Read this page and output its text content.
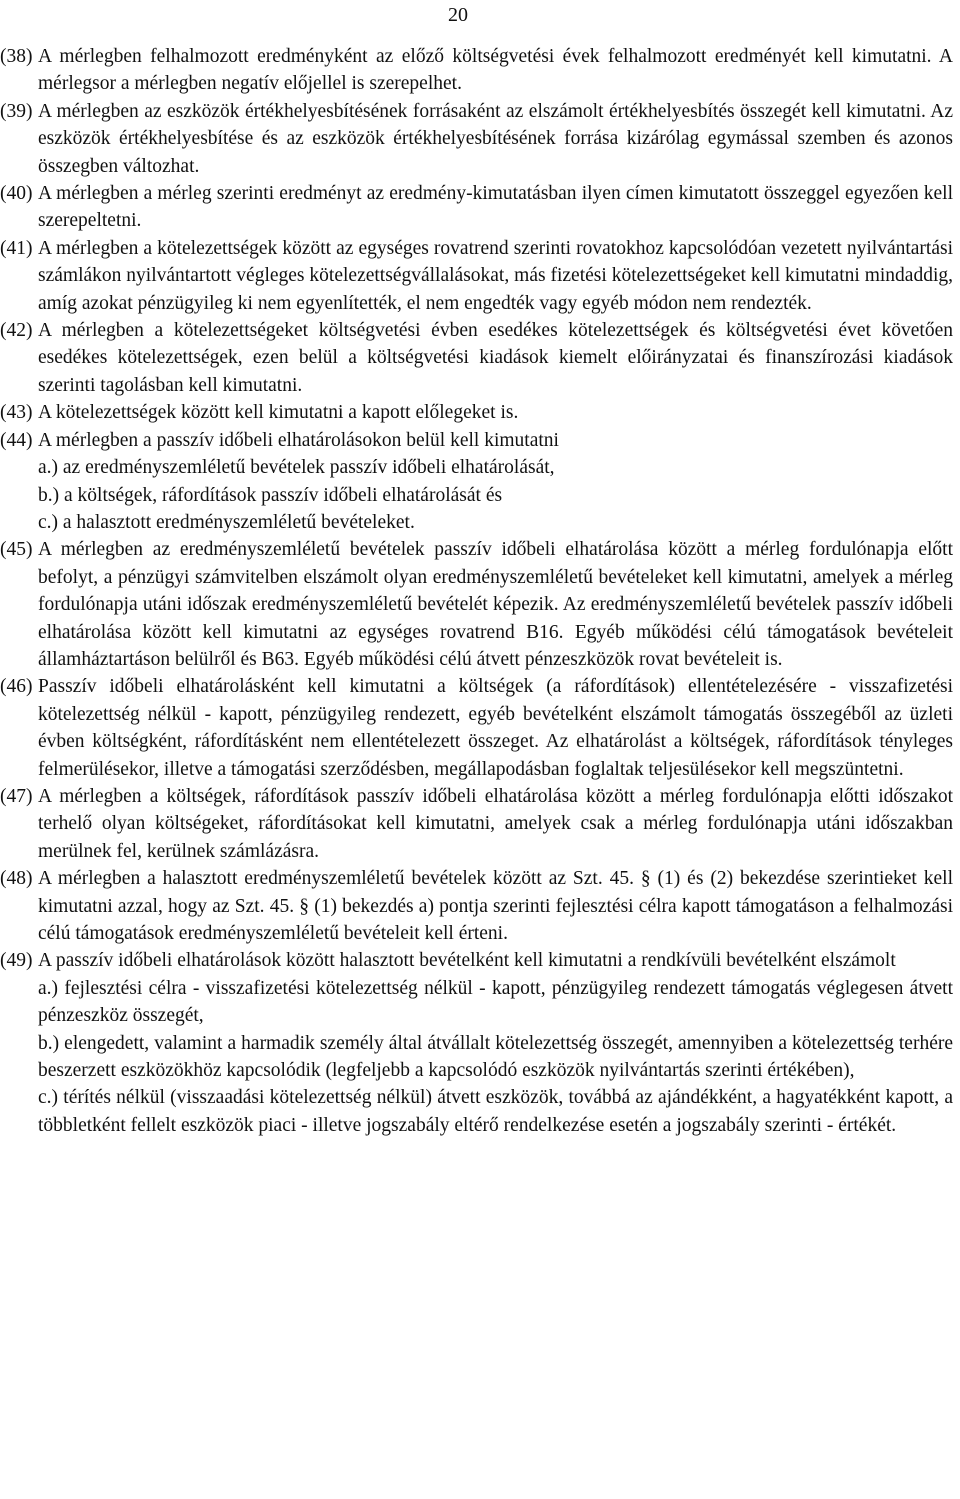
20
(38) A mérlegben felhalmozott eredményként az előző költségvetési évek felhalmozott eredményét kell kimutatni. A mérlegsor a mérlegben negatív előjellel is szerepelhet.

(39) A mérlegben az eszközök értékhelyesbítésének forrásaként az elszámolt értékhelyesbítés összegét kell kimutatni. Az eszközök értékhelyesbítése és az eszközök értékhelyesbítésének forrása kizárólag egymással szemben és azonos összegben változhat.

(40) A mérlegben a mérleg szerinti eredményt az eredmény-kimutatásban ilyen címen kimutatott összeggel egyezően kell szerepeltetni.

(41) A mérlegben a kötelezettségek között az egységes rovatrend szerinti rovatokhoz kapcsolódóan vezetett nyilvántartási számlákon nyilvántartott végleges kötelezettségvállalásokat, más fizetési kötelezettségeket kell kimutatni mindaddig, amíg azokat pénzügyileg ki nem egyenlítették, el nem engedték vagy egyéb módon nem rendezték.

(42) A mérlegben a kötelezettségeket költségvetési évben esedékes kötelezettségek és költségvetési évet követően esedékes kötelezettségek, ezen belül a költségvetési kiadások kiemelt előirányzatai és finanszírozási kiadások szerinti tagolásban kell kimutatni.

(43) A kötelezettségek között kell kimutatni a kapott előlegeket is.

(44) A mérlegben a passzív időbeli elhatárolásokon belül kell kimutatni

a.) az eredményszemléletű bevételek passzív időbeli elhatárolását,

b.) a költségek, ráfordítások passzív időbeli elhatárolását és

c.) a halasztott eredményszemléletű bevételeket.

(45) A mérlegben az eredményszemléletű bevételek passzív időbeli elhatárolása között a mérleg fordulónapja előtt befolyt, a pénzügyi számvitelben elszámolt olyan eredményszemléletű bevételeket kell kimutatni, amelyek a mérleg fordulónapja utáni időszak eredményszemléletű bevételét képezik. Az eredményszemléletű bevételek passzív időbeli elhatárolása között kell kimutatni az egységes rovatrend B16. Egyéb működési célú támogatások bevételeit államháztartáson belülről és B63. Egyéb működési célú átvett pénzeszközök rovat bevételeit is.

(46) Passzív időbeli elhatárolásként kell kimutatni a költségek (a ráfordítások) ellentételezésére - visszafizetési kötelezettség nélkül - kapott, pénzügyileg rendezett, egyéb bevételként elszámolt támogatás összegéből az üzleti évben költségként, ráfordításként nem ellentételezett összeget. Az elhatárolást a költségek, ráfordítások tényleges felmerülésekor, illetve a támogatási szerződésben, megállapodásban foglaltak teljesülésekor kell megszüntetni.

(47) A mérlegben a költségek, ráfordítások passzív időbeli elhatárolása között a mérleg fordulónapja előtti időszakot terhelő olyan költségeket, ráfordításokat kell kimutatni, amelyek csak a mérleg fordulónapja utáni időszakban merülnek fel, kerülnek számlázásra.

(48) A mérlegben a halasztott eredményszemléletű bevételek között az Szt. 45. § (1) és (2) bekezdése szerintieket kell kimutatni azzal, hogy az Szt. 45. § (1) bekezdés a) pontja szerinti fejlesztési célra kapott támogatáson a felhalmozási célú támogatások eredményszemléletű bevételeit kell érteni.

(49) A passzív időbeli elhatárolások között halasztott bevételként kell kimutatni a rendkívüli bevételként elszámolt

a.) fejlesztési célra - visszafizetési kötelezettség nélkül - kapott, pénzügyileg rendezett támogatás véglegesen átvett pénzeszköz összegét,

b.) elengedett, valamint a harmadik személy által átvállalt kötelezettség összegét, amennyiben a kötelezettség terhére beszerzett eszközökhöz kapcsolódik (legfeljebb a kapcsolódó eszközök nyilvántartás szerinti értékében),

c.) térítés nélkül (visszaadási kötelezettség nélkül) átvett eszközök, továbbá az ajándékként, a hagyatékként kapott, a többletként fellelt eszközök piaci - illetve jogszabály eltérő rendelkezése esetén a jogszabály szerinti - értékét.
